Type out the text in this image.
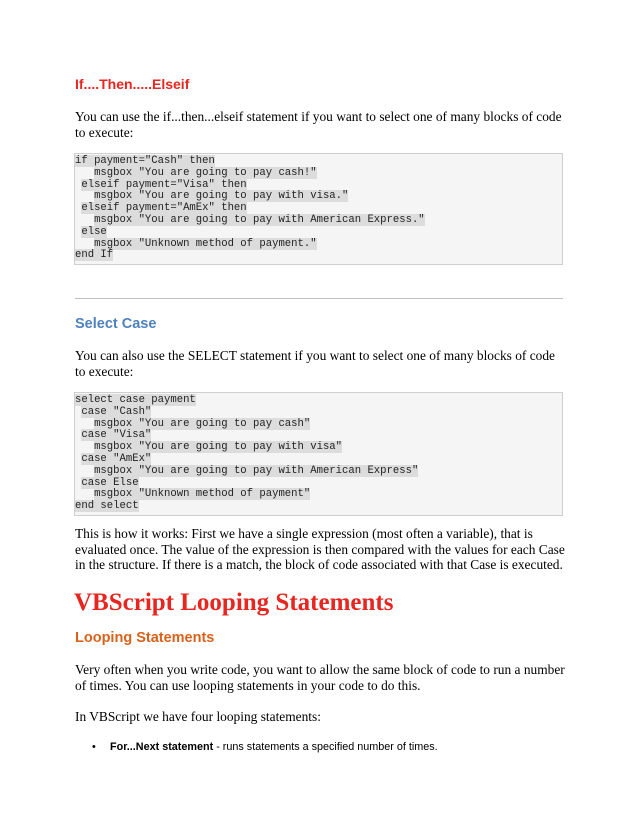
If....Then.....Elseif

You can use the if...then...elseif statement if you want to select one of many blocks of code to execute:

if payment="Cash" then
msgbox "You are going to pay cash!"
elseif payment="Visa" then
msgbox "You are going to pay with visa."
elseif payment="AmEx" then
msgbox "You are going to pay with American Express."
else
msgbox "Unknown method of payment."
end If
Select Case

You can also use the SELECT statement if you want to select one of many blocks of code to execute:

select case payment
case "Cash"
msgbox "You are going to pay cash"
case "Visa"
msgbox "You are going to pay with visa"
case "AmEx"
msgbox "You are going to pay with American Express"
case Else
msgbox "Unknown method of payment"
end select

This is how it works: First we have a single expression (most often a variable), that is evaluated once. The value of the expression is then compared with the values for each Case in the structure. If there is a match, the block of code associated with that Case is executed.

VBScript Looping Statements
Looping Statements

Very often when you write code, you want to allow the same block of code to run a number of times. You can use looping statements in your code to do this.

In VBScript we have four looping statements:

•	For...Next statement - runs statements a specified number of times.
